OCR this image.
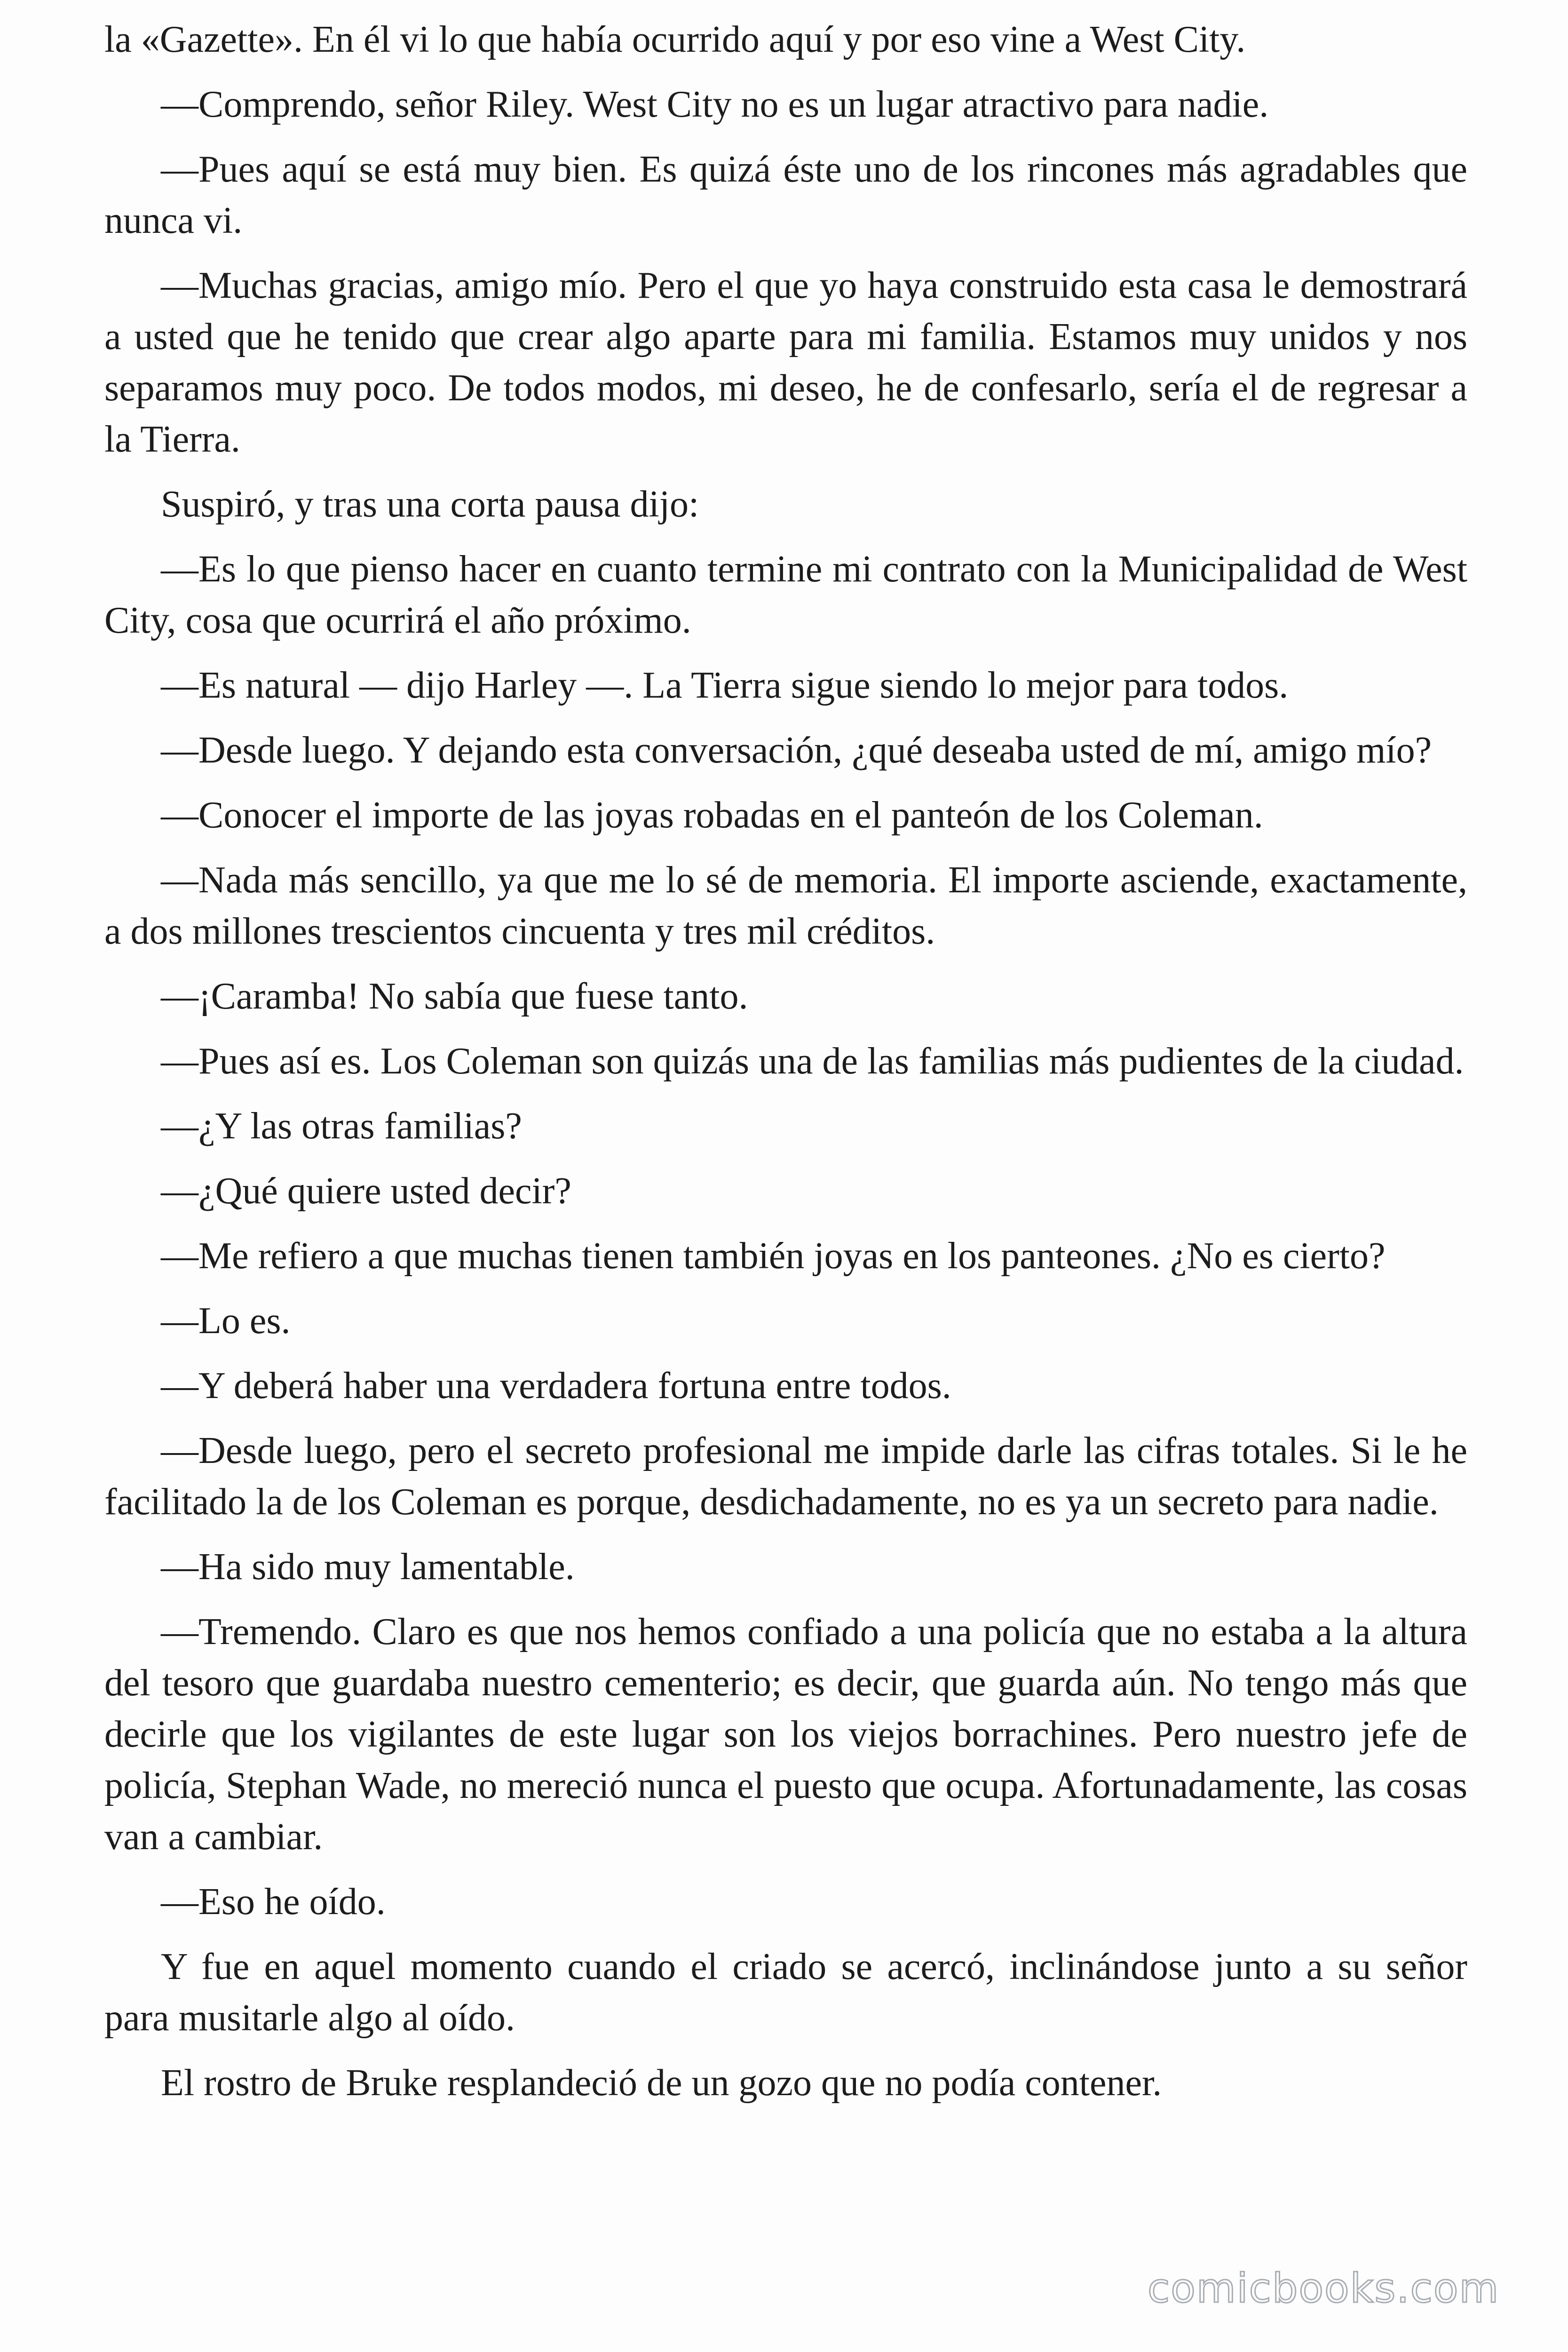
la «Gazette». En él vi lo que había ocurrido aquí y por eso vine a West City.

—Comprendo, señor Riley. West City no es un lugar atractivo para nadie.

—Pues aquí se está muy bien. Es quizá éste uno de los rincones más agradables que nunca vi.

—Muchas gracias, amigo mío. Pero el que yo haya construido esta casa le demostrará a usted que he tenido que crear algo aparte para mi familia. Estamos muy unidos y nos separamos muy poco. De todos modos, mi deseo, he de confesarlo, sería el de regresar a la Tierra.

Suspiró, y tras una corta pausa dijo:

—Es lo que pienso hacer en cuanto termine mi contrato con la Municipalidad de West City, cosa que ocurrirá el año próximo.

—Es natural — dijo Harley —. La Tierra sigue siendo lo mejor para todos.

—Desde luego. Y dejando esta conversación, ¿qué deseaba usted de mí, amigo mío?

—Conocer el importe de las joyas robadas en el panteón de los Coleman.

—Nada más sencillo, ya que me lo sé de memoria. El importe asciende, exactamente, a dos millones trescientos cincuenta y tres mil créditos.

—¡Caramba! No sabía que fuese tanto.

—Pues así es. Los Coleman son quizás una de las familias más pudientes de la ciudad.

—¿Y las otras familias?

—¿Qué quiere usted decir?

—Me refiero a que muchas tienen también joyas en los panteones. ¿No es cierto?

—Lo es.

—Y deberá haber una verdadera fortuna entre todos.

—Desde luego, pero el secreto profesional me impide darle las cifras totales. Si le he facilitado la de los Coleman es porque, desdichadamente, no es ya un secreto para nadie.

—Ha sido muy lamentable.

—Tremendo. Claro es que nos hemos confiado a una policía que no estaba a la altura del tesoro que guardaba nuestro cementerio; es decir, que guarda aún. No tengo más que decirle que los vigilantes de este lugar son los viejos borrachines. Pero nuestro jefe de policía, Stephan Wade, no mereció nunca el puesto que ocupa. Afortunadamente, las cosas van a cambiar.

—Eso he oído.

Y fue en aquel momento cuando el criado se acercó, inclinándose junto a su señor para musitarle algo al oído.

El rostro de Bruke resplandeció de un gozo que no podía contener.

comicbooks.com
